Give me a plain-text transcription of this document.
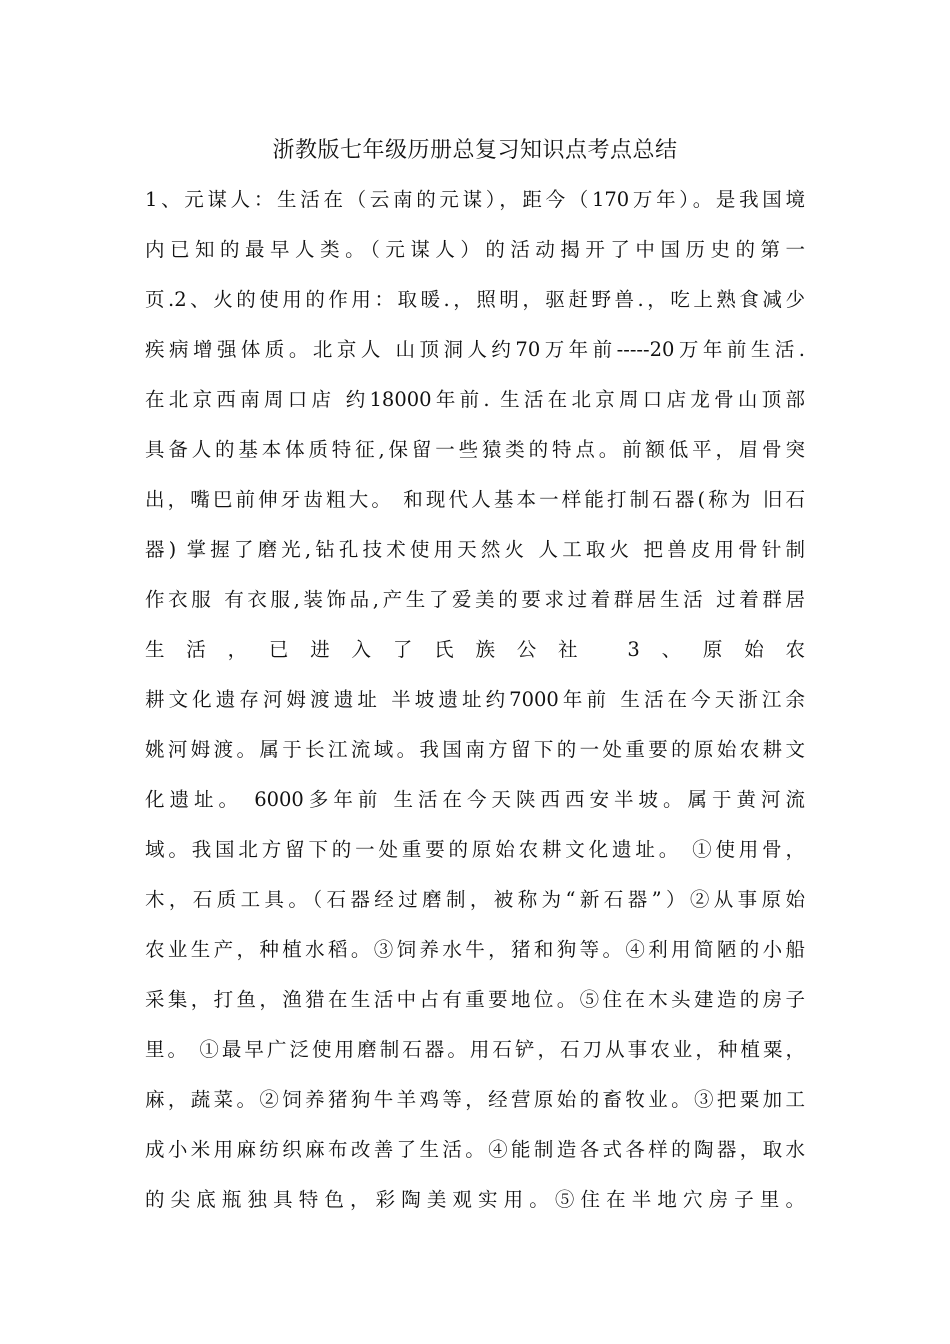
浙教版七年级历册总复习知识点考点总结
1、元谋人：生活在（云南的元谋），距今（170万年）。是我国境
内已知的最早人类。（元谋人）的活动揭开了中国历史的第一
页.2、火的使用的作用：取暖.，照明，驱赶野兽.，吃上熟食减少
疾病增强体质。北京人 山顶洞人约70万年前-----20万年前生活.
在北京西南周口店 约18000年前. 生活在北京周口店龙骨山顶部
具备人的基本体质特征,保留一些猿类的特点。前额低平，眉骨突
出，嘴巴前伸牙齿粗大。 和现代人基本一样能打制石器(称为 旧石
器) 掌握了磨光,钻孔技术使用天然火 人工取火 把兽皮用骨针制
作衣服 有衣服,装饰品,产生了爱美的要求过着群居生活 过着群居
生活，已进入了氏族公社 3、原始农
耕文化遗存河姆渡遗址 半坡遗址约7000年前 生活在今天浙江余
姚河姆渡。属于长江流域。我国南方留下的一处重要的原始农耕文
化遗址。 6000多年前 生活在今天陕西西安半坡。属于黄河流
域。我国北方留下的一处重要的原始农耕文化遗址。 ①使用骨，
木，石质工具。（石器经过磨制，被称为“新石器”）②从事原始
农业生产，种植水稻。③饲养水牛，猪和狗等。④利用简陋的小船
采集，打鱼，渔猎在生活中占有重要地位。⑤住在木头建造的房子
里。 ①最早广泛使用磨制石器。用石铲，石刀从事农业，种植粟，
麻，蔬菜。②饲养猪狗牛羊鸡等，经营原始的畜牧业。③把粟加工
成小米用麻纺织麻布改善了生活。④能制造各式各样的陶器，取水
的尖底瓶独具特色，彩陶美观实用。⑤住在半地穴房子里。
